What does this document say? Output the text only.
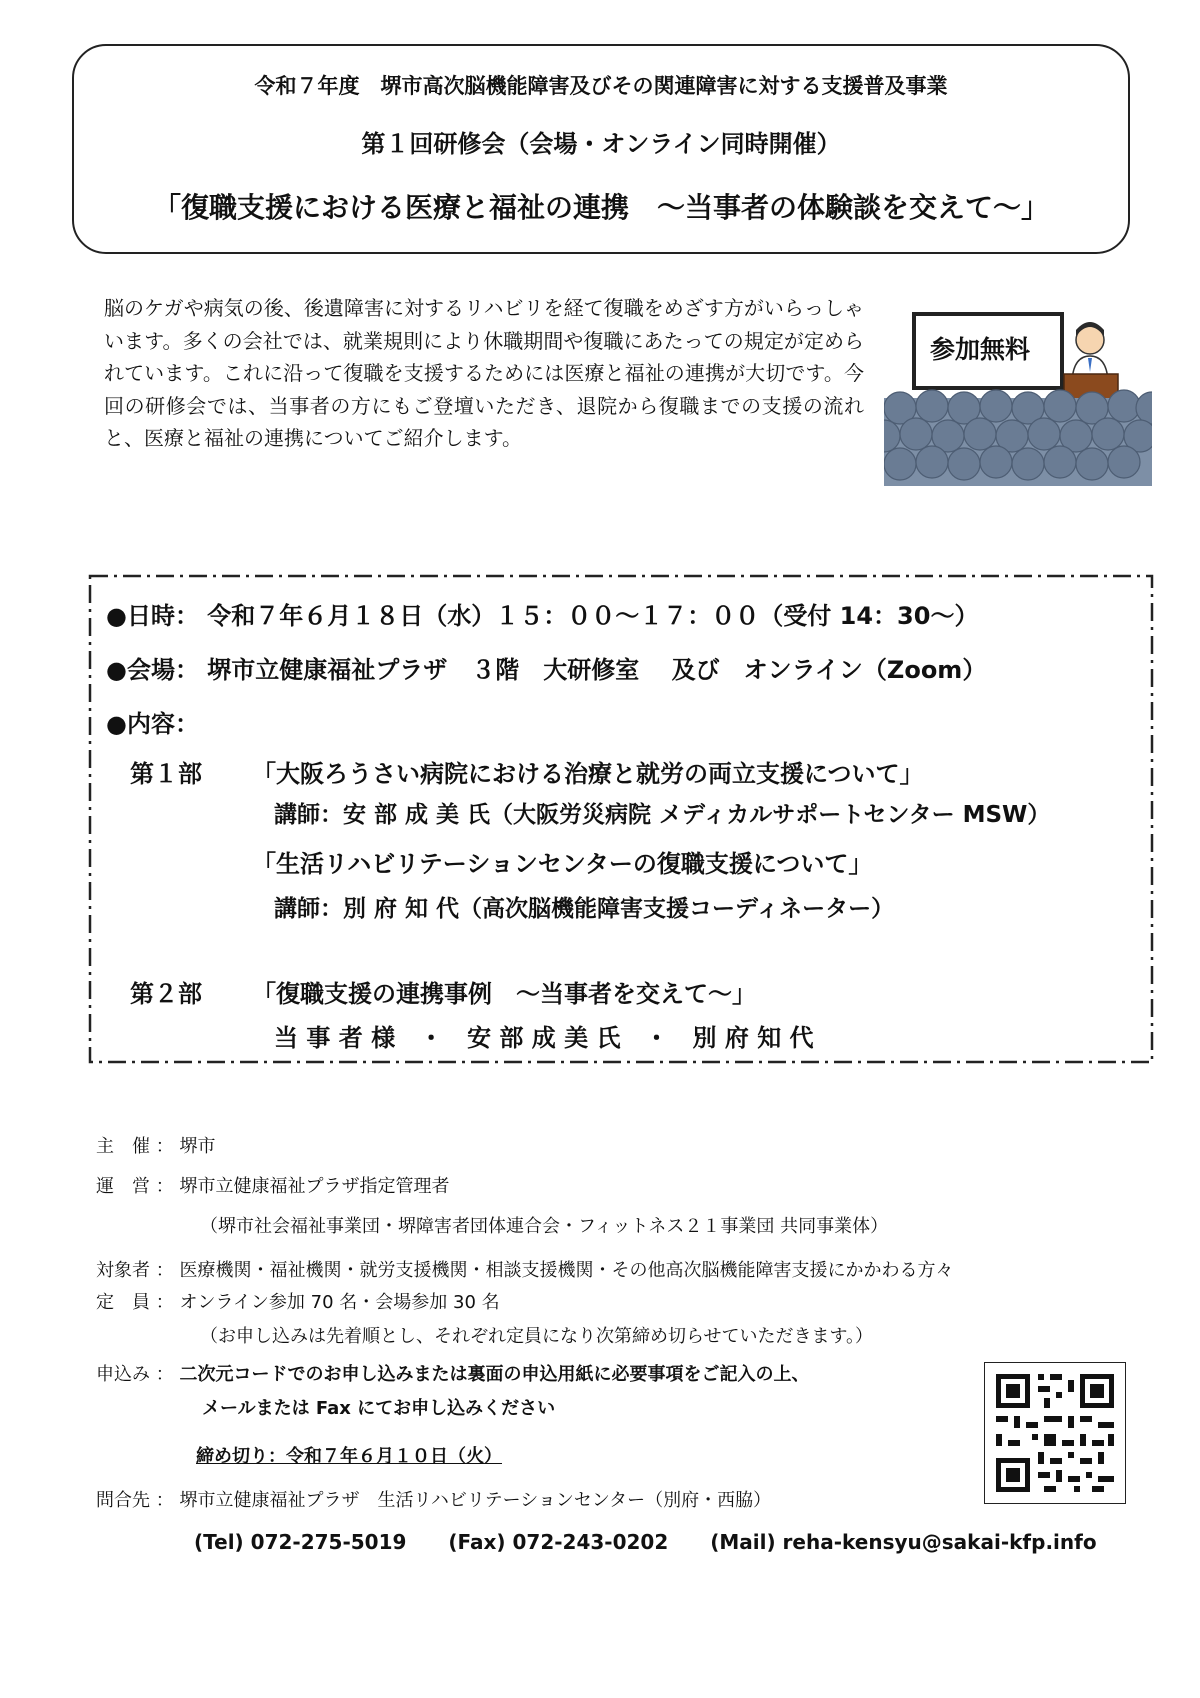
令和７年度　堺市高次脳機能障害及びその関連障害に対する支援普及事業
第１回研修会（会場・オンライン同時開催）
「復職支援における医療と福祉の連携　～当事者の体験談を交えて～」
脳のケガや病気の後、後遺障害に対するリハビリを経て復職をめざす方がいらっしゃいます。多くの会社では、就業規則により休職期間や復職にあたっての規定が定められています。これに沿って復職を支援するためには医療と福祉の連携が大切です。今回の研修会では、当事者の方にもご登壇いただき、退院から復職までの支援の流れと、医療と福祉の連携についてご紹介します。
参加無料
●日時： 令和７年６月１８日（水）１５：００～１７：００（受付 14：30～）
●会場： 堺市立健康福祉プラザ　３階　大研修室　 及び　オンライン（Zoom）
●内容：
第１部 「大阪ろうさい病院における治療と就労の両立支援について」
講師：安 部 成 美 氏（大阪労災病院 メディカルサポートセンター MSW）
「生活リハビリテーションセンターの復職支援について」
講師：別 府 知 代（高次脳機能障害支援コーディネーター）
第２部 「復職支援の連携事例　～当事者を交えて～」
当 事 者 様　・　安 部 成 美 氏　・　別 府 知 代
主　催 ： 堺市
運　営 ： 堺市立健康福祉プラザ指定管理者
（堺市社会福祉事業団・堺障害者団体連合会・フィットネス２１事業団 共同事業体）
対象者 ： 医療機関・福祉機関・就労支援機関・相談支援機関・その他高次脳機能障害支援にかかわる方々
定　員 ： オンライン参加 70 名・会場参加 30 名
（お申し込みは先着順とし、それぞれ定員になり次第締め切らせていただきます。）
申込み ： 二次元コードでのお申し込みまたは裏面の申込用紙に必要事項をご記入の上、
メールまたは Fax にてお申し込みください
締め切り：令和７年６月１０日（火）
問合先 ： 堺市立健康福祉プラザ　生活リハビリテーションセンター（別府・西脇）
(Tel) 072-275-5019 (Fax) 072-243-0202 (Mail) reha-kensyu@sakai-kfp.info
